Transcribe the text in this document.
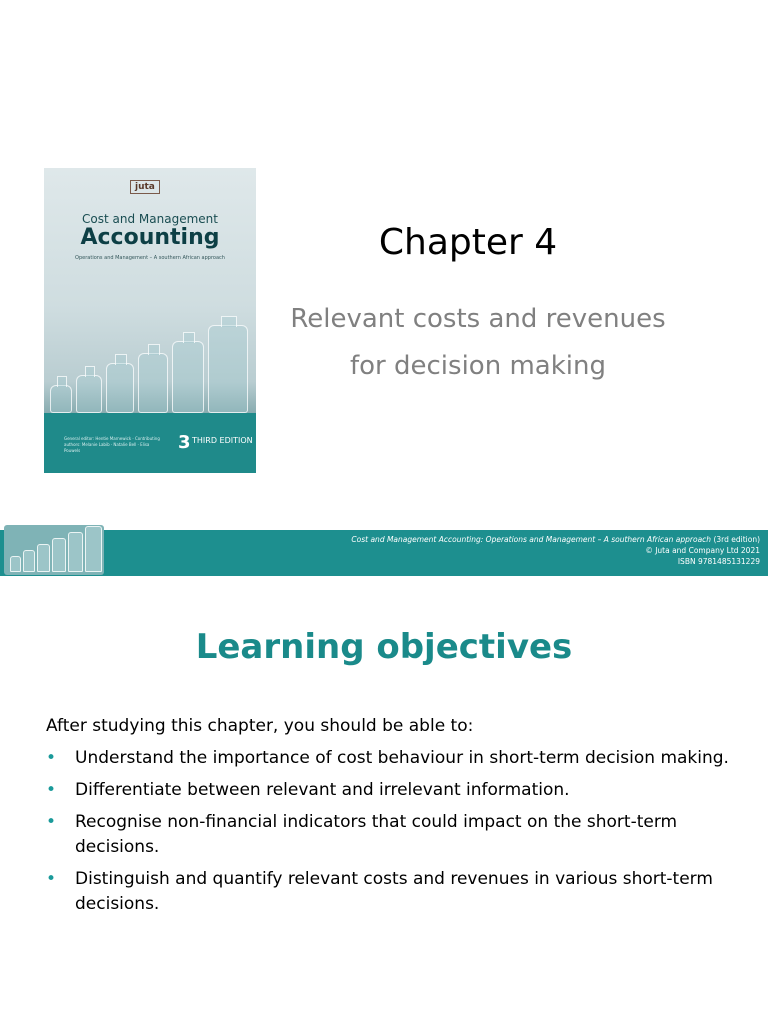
juta
Cost and Management
Accounting
Operations and Management – A southern African approach
General editor: Hentie Marnewick · Contributing authors: Melanie Labib · Natalie Bell · Elisa Pouwels	3 THIRD EDITION
Chapter 4
Relevant costs and revenues
for decision making
Cost and Management Accounting: Operations and Management – A southern African approach (3rd edition)
© Juta and Company Ltd 2021
ISBN 9781485131229
Learning objectives
After studying this chapter, you should be able to:
• Understand the importance of cost behaviour in short-term decision making.
• Differentiate between relevant and irrelevant information.
• Recognise non-financial indicators that could impact on the short-term decisions.
• Distinguish and quantify relevant costs and revenues in various short-term decisions.
